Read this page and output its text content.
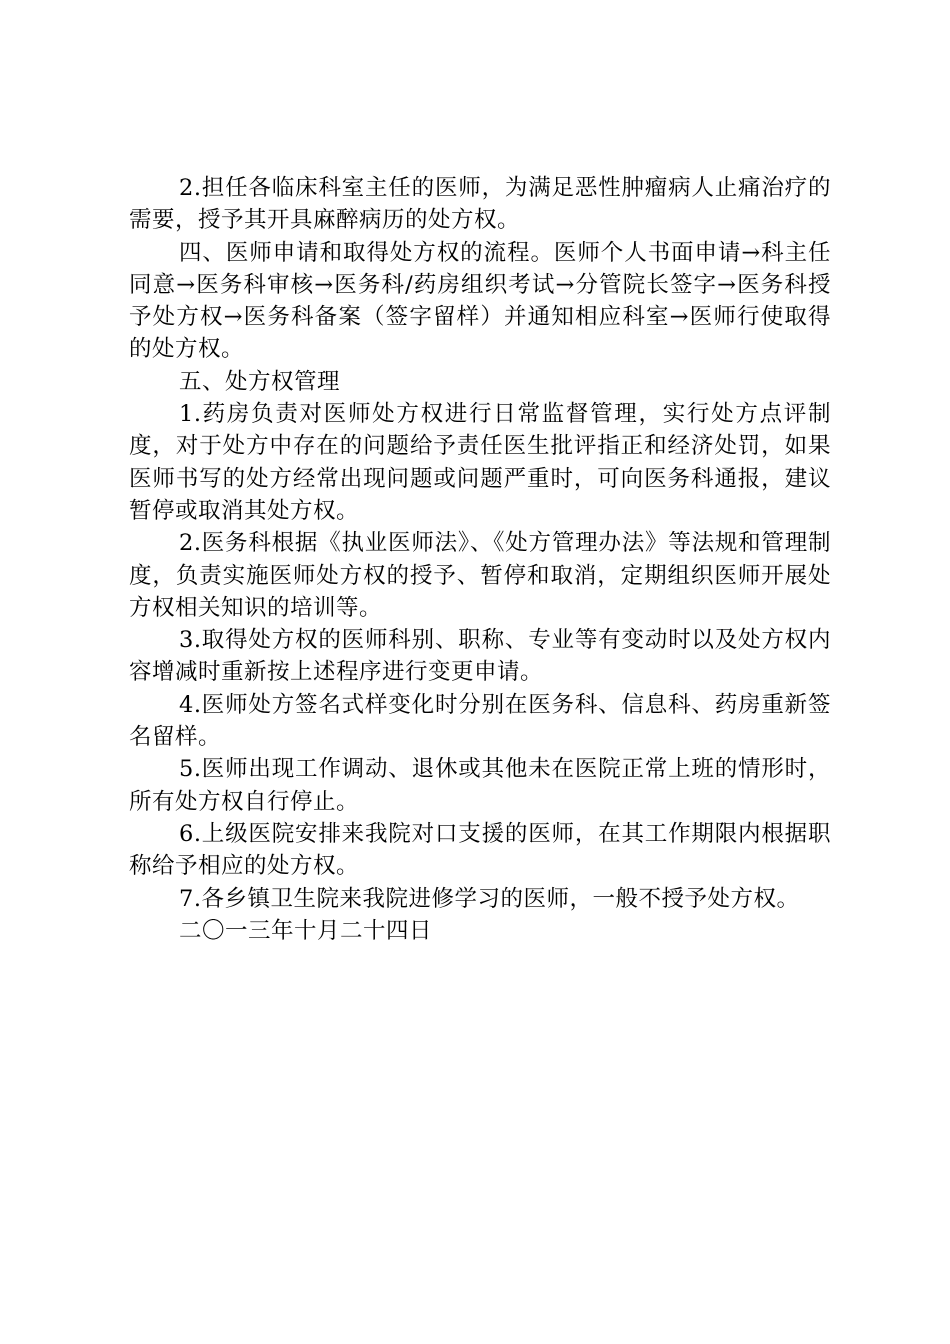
2.担任各临床科室主任的医师，为满足恶性肿瘤病人止痛治疗的需要，授予其开具麻醉病历的处方权。

四、医师申请和取得处方权的流程。医师个人书面申请→科主任同意→医务科审核→医务科/药房组织考试→分管院长签字→医务科授予处方权→医务科备案（签字留样）并通知相应科室→医师行使取得的处方权。

五、处方权管理

1.药房负责对医师处方权进行日常监督管理，实行处方点评制度，对于处方中存在的问题给予责任医生批评指正和经济处罚，如果医师书写的处方经常出现问题或问题严重时，可向医务科通报，建议暂停或取消其处方权。

2.医务科根据《执业医师法》、《处方管理办法》等法规和管理制度，负责实施医师处方权的授予、暂停和取消，定期组织医师开展处方权相关知识的培训等。

3.取得处方权的医师科别、职称、专业等有变动时以及处方权内容增减时重新按上述程序进行变更申请。

4.医师处方签名式样变化时分别在医务科、信息科、药房重新签名留样。

5.医师出现工作调动、退休或其他未在医院正常上班的情形时，所有处方权自行停止。

6.上级医院安排来我院对口支援的医师，在其工作期限内根据职称给予相应的处方权。

7.各乡镇卫生院来我院进修学习的医师，一般不授予处方权。

二〇一三年十月二十四日
